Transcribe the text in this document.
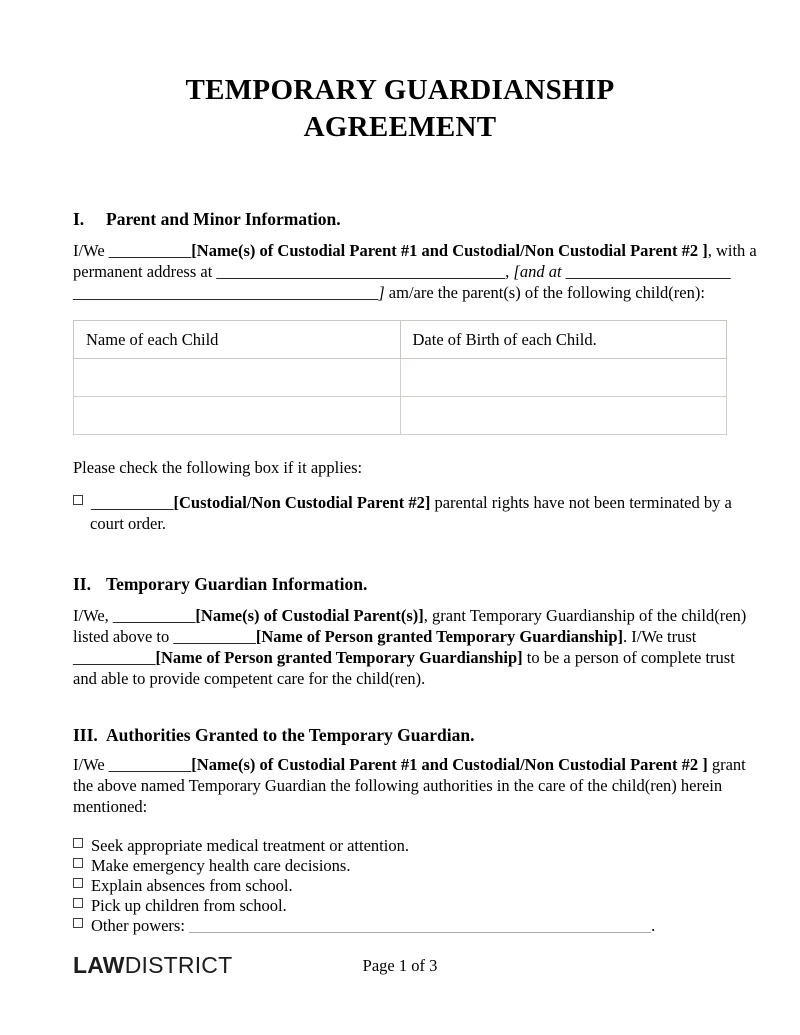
TEMPORARY GUARDIANSHIP
AGREEMENT
I. Parent and Minor Information.
I/We __________[Name(s) of Custodial Parent #1 and Custodial/Non Custodial Parent #2 ], with a
permanent address at ___________________________________, [and at ____________________
_____________________________________] am/are the parent(s) of the following child(ren):
Name of each Child	Date of Birth of each Child.

Please check the following box if it applies:
__________[Custodial/Non Custodial Parent #2] parental rights have not been terminated by a
court order.
II. Temporary Guardian Information.
I/We, __________[Name(s) of Custodial Parent(s)], grant Temporary Guardianship of the child(ren)
listed above to __________[Name of Person granted Temporary Guardianship]. I/We trust
__________[Name of Person granted Temporary Guardianship] to be a person of complete trust
and able to provide competent care for the child(ren).
III. Authorities Granted to the Temporary Guardian.
I/We __________[Name(s) of Custodial Parent #1 and Custodial/Non Custodial Parent #2 ] grant
the above named Temporary Guardian the following authorities in the care of the child(ren) herein
mentioned:
Seek appropriate medical treatment or attention.
Make emergency health care decisions.
Explain absences from school.
Pick up children from school.
Other powers: ________________________________________________________.
LAWDISTRICT	Page 1 of 3
